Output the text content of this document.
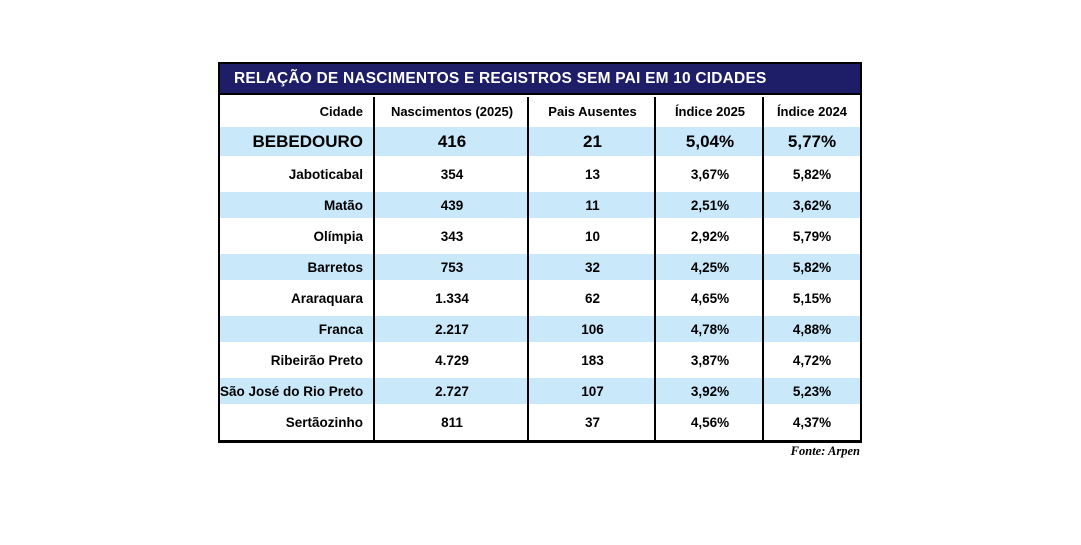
RELAÇÃO DE NASCIMENTOS E REGISTROS SEM PAI EM 10 CIDADES
Cidade	Nascimentos (2025)	Pais Ausentes	Índice 2025	Índice 2024
BEBEDOURO	416	21	5,04%	5,77%
Jaboticabal	354	13	3,67%	5,82%
Matão	439	11	2,51%	3,62%
Olímpia	343	10	2,92%	5,79%
Barretos	753	32	4,25%	5,82%
Araraquara	1.334	62	4,65%	5,15%
Franca	2.217	106	4,78%	4,88%
Ribeirão Preto	4.729	183	3,87%	4,72%
São José do Rio Preto	2.727	107	3,92%	5,23%
Sertãozinho	811	37	4,56%	4,37%
Fonte: Arpen
